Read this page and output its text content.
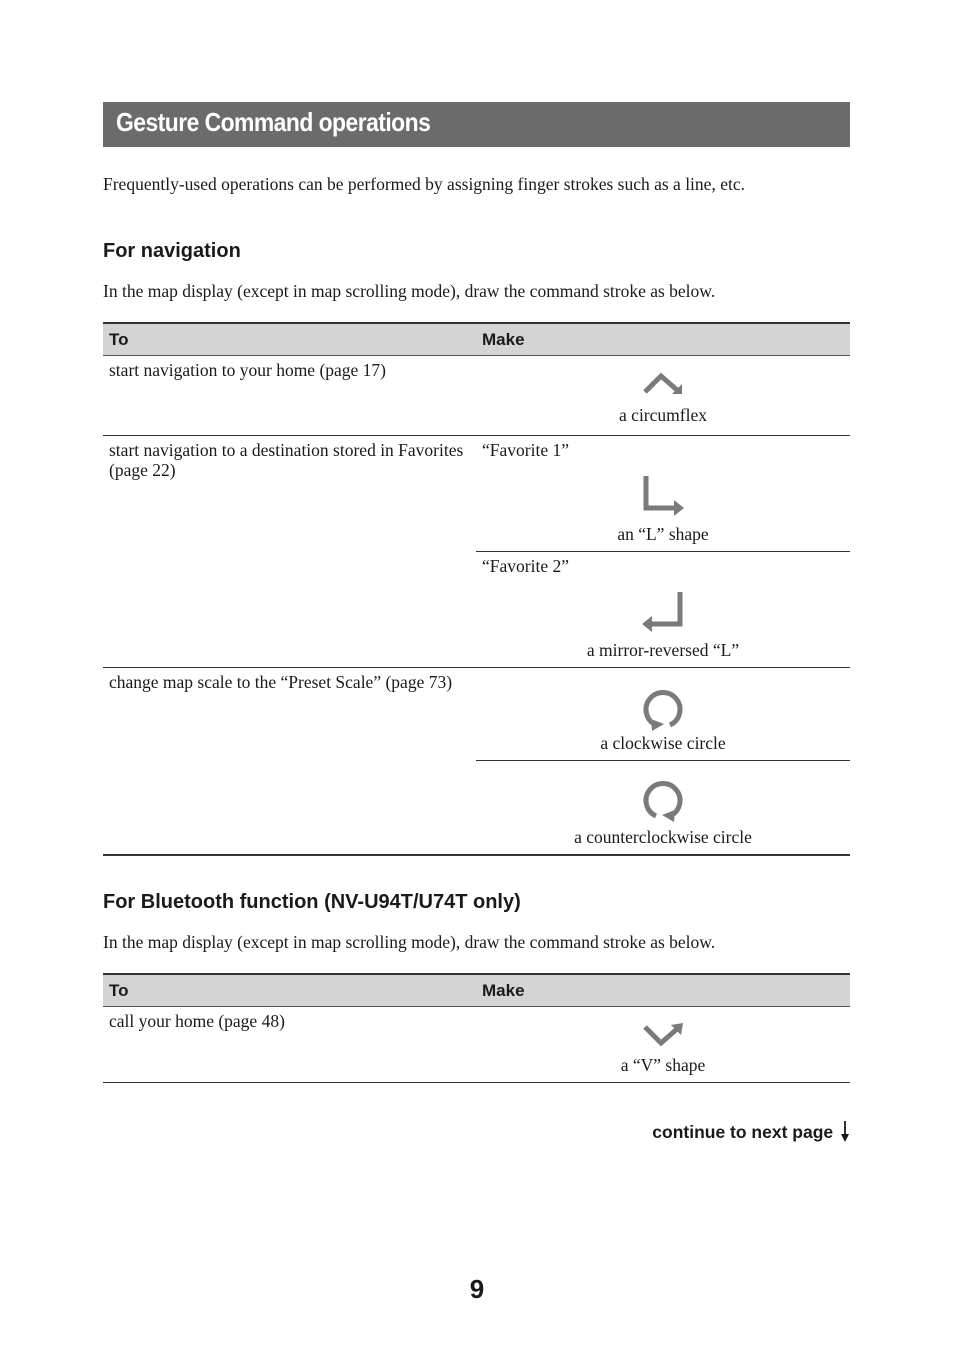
Gesture Command operations
Frequently-used operations can be performed by assigning finger strokes such as a line, etc.
For navigation
In the map display (except in map scrolling mode), draw the command stroke as below.
To	Make
start navigation to your home (page 17)	a circumflex

start navigation to a destination stored in Favorites (page 22)	“Favorite 1”
an “L” shape

	“Favorite 2”
a mirror-reversed “L”

change map scale to the “Preset Scale” (page 73)	a clockwise circle

	a counterclockwise circle
For Bluetooth function (NV-U94T/U74T only)
In the map display (except in map scrolling mode), draw the command stroke as below.
To	Make
call your home (page 48)	a “V” shape
continue to next page
9
